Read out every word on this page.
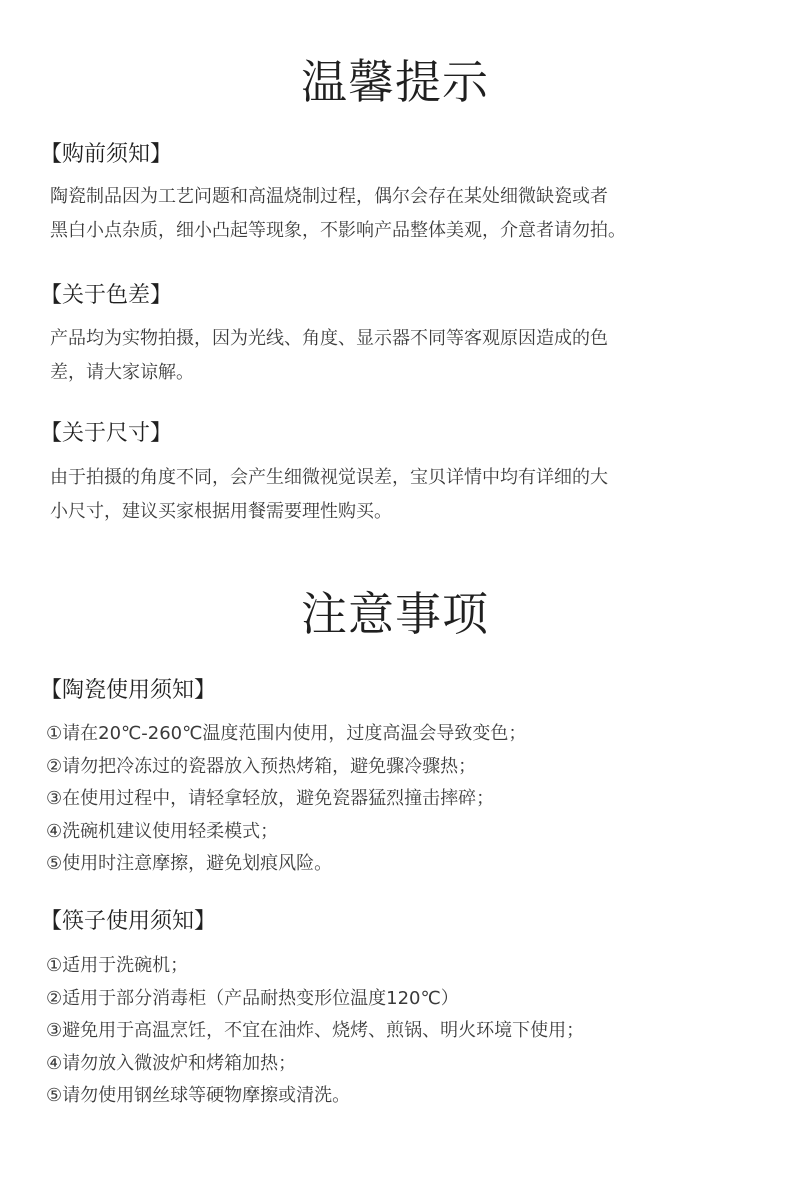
温馨提示
【购前须知】

陶瓷制品因为工艺问题和高温烧制过程，偶尔会存在某处细微缺瓷或者
黑白小点杂质，细小凸起等现象，不影响产品整体美观，介意者请勿拍。

【关于色差】

产品均为实物拍摄，因为光线、角度、显示器不同等客观原因造成的色
差，请大家谅解。

【关于尺寸】

由于拍摄的角度不同，会产生细微视觉误差，宝贝详情中均有详细的大
小尺寸，建议买家根据用餐需要理性购买。

注意事项
【陶瓷使用须知】
①请在20℃-260℃温度范围内使用，过度高温会导致变色；
②请勿把冷冻过的瓷器放入预热烤箱，避免骤冷骤热；
③在使用过程中，请轻拿轻放，避免瓷器猛烈撞击摔碎；
④洗碗机建议使用轻柔模式；
⑤使用时注意摩擦，避免划痕风险。
【筷子使用须知】
①适用于洗碗机；
②适用于部分消毒柜（产品耐热变形位温度120℃）
③避免用于高温烹饪，不宜在油炸、烧烤、煎锅、明火环境下使用；
④请勿放入微波炉和烤箱加热；
⑤请勿使用钢丝球等硬物摩擦或清洗。
